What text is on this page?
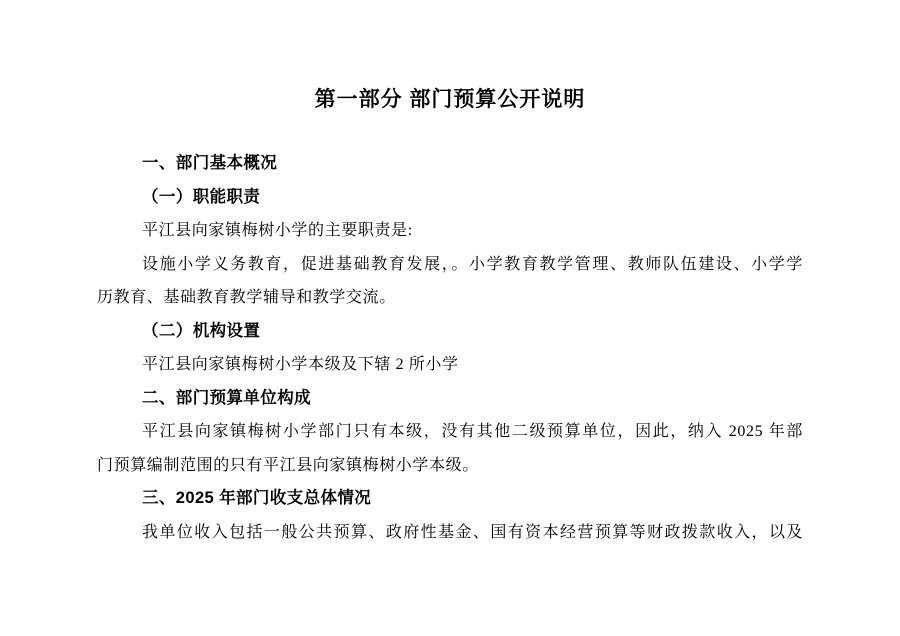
第一部分 部门预算公开说明
一、部门基本概况
（一）职能职责
平江县向家镇梅树小学的主要职责是:
设施小学义务教育，促进基础教育发展，。小学教育教学管理、教师队伍建设、小学学
历教育、基础教育教学辅导和教学交流。
（二）机构设置
平江县向家镇梅树小学本级及下辖 2 所小学
二、部门预算单位构成
平江县向家镇梅树小学部门只有本级，没有其他二级预算单位，因此，纳入 2025 年部
门预算编制范围的只有平江县向家镇梅树小学本级。
三、2025 年部门收支总体情况
我单位收入包括一般公共预算、政府性基金、国有资本经营预算等财政拨款收入，以及
